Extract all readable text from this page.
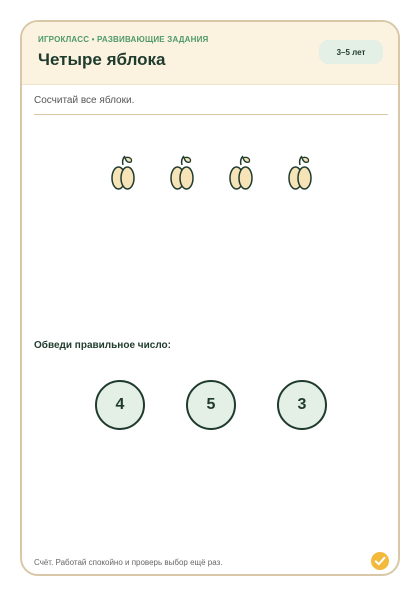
ИГРОКЛАСС • РАЗВИВАЮЩИЕ ЗАДАНИЯ
Четыре яблока	3–5 лет
Сосчитай все яблоки.
Обведи правильное число:
4	5	3
Счёт. Работай спокойно и проверь выбор ещё раз.
